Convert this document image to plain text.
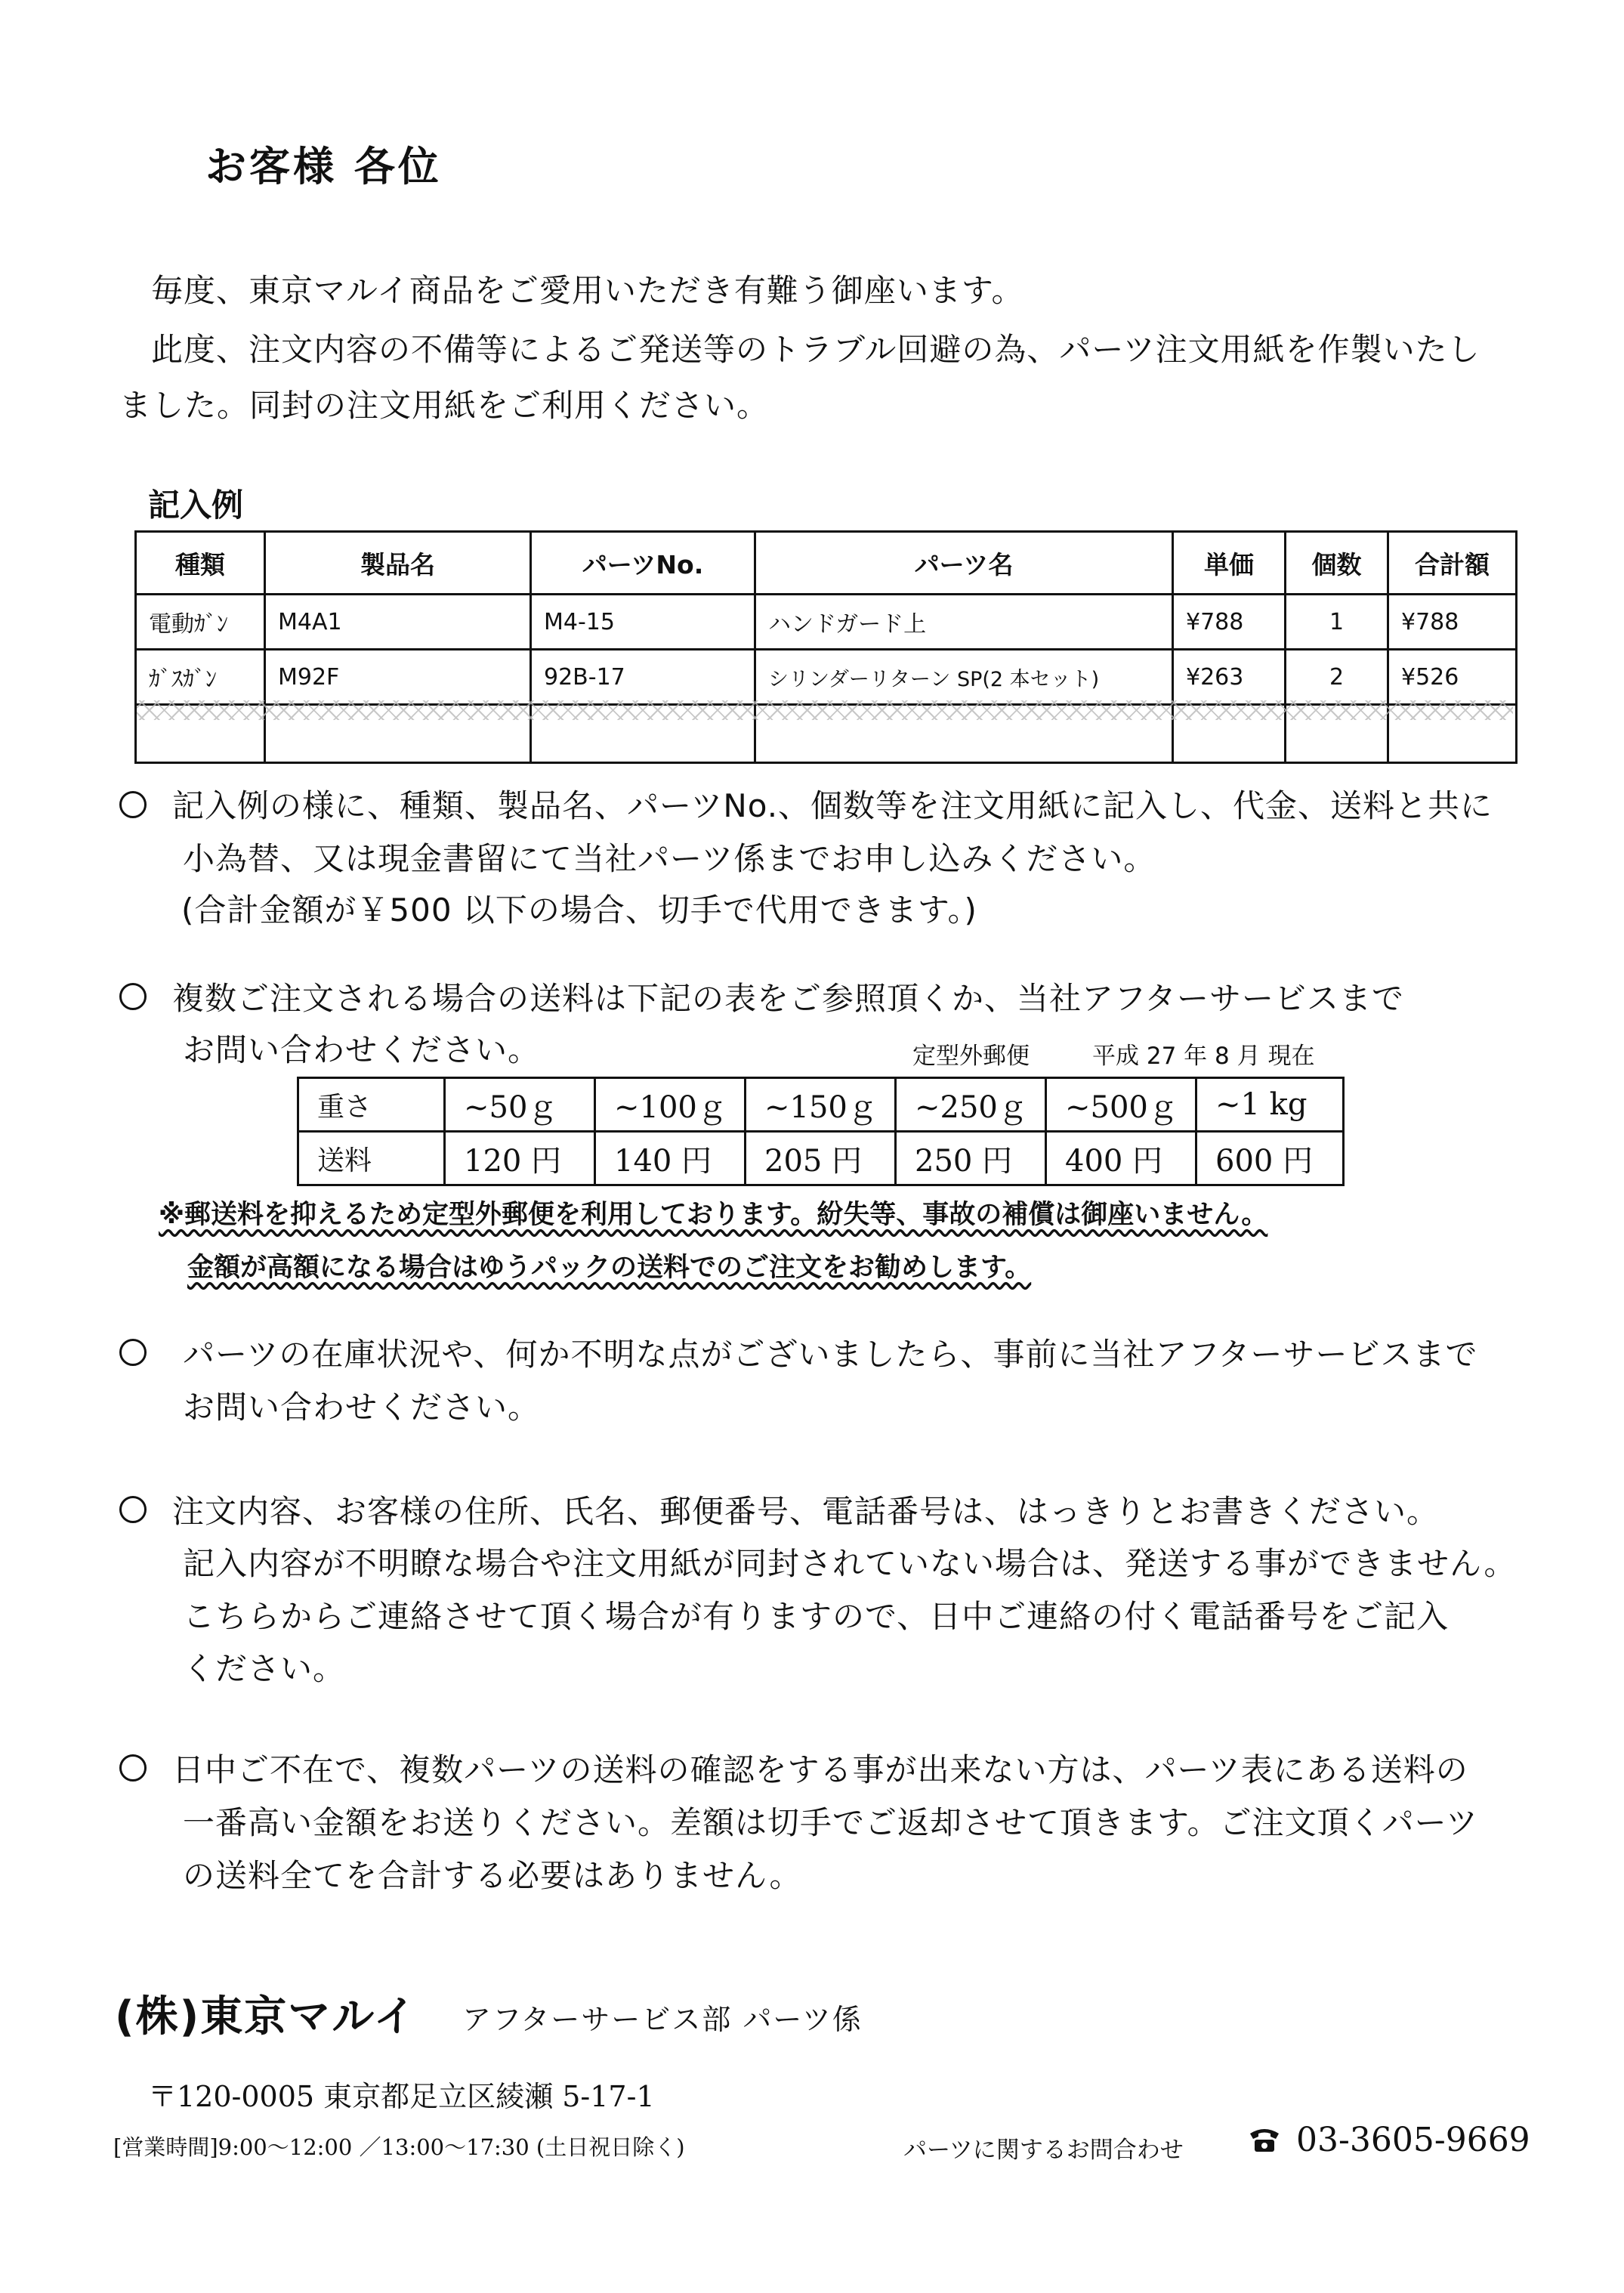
お客様 各位
毎度、東京マルイ商品をご愛用いただき有難う御座います。
此度、注文内容の不備等によるご発送等のトラブル回避の為、パーツ注文用紙を作製いたし
ました。同封の注文用紙をご利用ください。
記入例
種類	製品名	パーツNo.	パーツ名	単価	個数	合計額
電動ｶﾞﾝ	M4A1	M4-15	ハンドガード上	¥788	1	¥788
ｶﾞｽｶﾞﾝ	M92F	92B-17	シリンダーリターン SP(2 本セット)	¥263	2	¥526

記入例の様に、種類、製品名、パーツNo.、個数等を注文用紙に記入し、代金、送料と共に
小為替、又は現金書留にて当社パーツ係までお申し込みください。
(合計金額が￥500 以下の場合、切手で代用できます。)
複数ご注文される場合の送料は下記の表をご参照頂くか、当社アフターサービスまで
お問い合わせください。	定型外郵便	平成 27 年 8 月 現在
重さ	~50ｇ	~100ｇ	~150ｇ	~250ｇ	~500ｇ	~1 kg
送料	120 円	140 円	205 円	250 円	400 円	600 円
※郵送料を抑えるため定型外郵便を利用しております。紛失等、事故の補償は御座いません。
金額が高額になる場合はゆうパックの送料でのご注文をお勧めします。
パーツの在庫状況や、何か不明な点がございましたら、事前に当社アフターサービスまで
お問い合わせください。
注文内容、お客様の住所、氏名、郵便番号、電話番号は、はっきりとお書きください。
記入内容が不明瞭な場合や注文用紙が同封されていない場合は、発送する事ができません。
こちらからご連絡させて頂く場合が有りますので、日中ご連絡の付く電話番号をご記入
ください。
日中ご不在で、複数パーツの送料の確認をする事が出来ない方は、パーツ表にある送料の
一番高い金額をお送りください。差額は切手でご返却させて頂きます。ご注文頂くパーツ
の送料全てを合計する必要はありません。
(株)東京マルイ アフターサービス部 パーツ係
〒120-0005 東京都足立区綾瀬 5-17-1
[営業時間]9:00～12:00 ／13:00～17:30 (土日祝日除く)	パーツに関するお問合わせ	03-3605-9669
